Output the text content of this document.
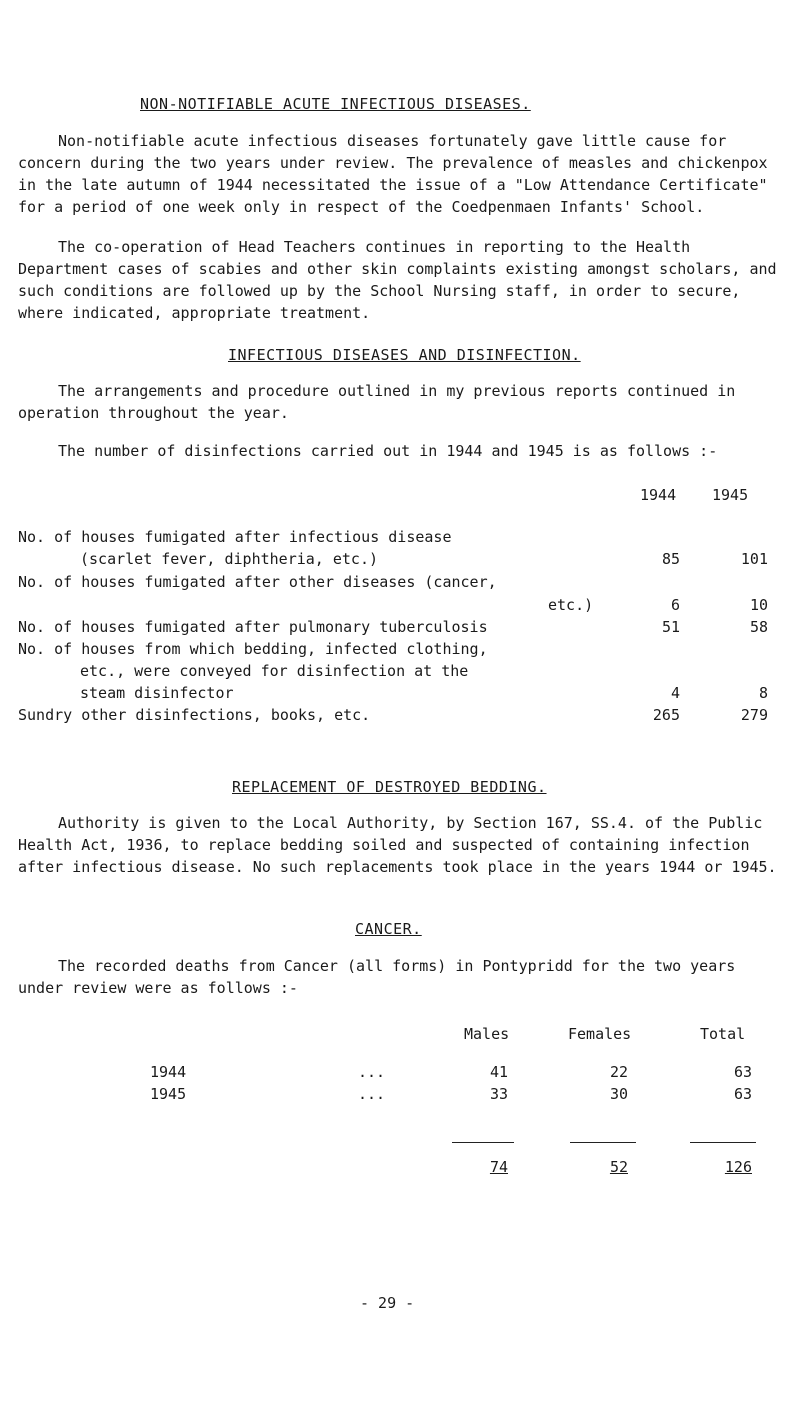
NON-NOTIFIABLE ACUTE INFECTIOUS DISEASES.
Non-notifiable acute infectious diseases fortunately gave little cause for concern during the two years under review. The prevalence of measles and chickenpox in the late autumn of 1944 necessitated the issue of a "Low Attendance Certificate" for a period of one week only in respect of the Coedpenmaen Infants' School.
The co-operation of Head Teachers continues in reporting to the Health Department cases of scabies and other skin complaints existing amongst scholars, and such conditions are followed up by the School Nursing staff, in order to secure, where indicated, appropriate treatment.
INFECTIOUS DISEASES AND DISINFECTION.
The arrangements and procedure outlined in my previous reports continued in operation throughout the year.
The number of disinfections carried out in 1944 and 1945 is as follows :-
1944 1945
No. of houses fumigated after infectious disease
(scarlet fever, diphtheria, etc.)	85	101
No. of houses fumigated after other diseases (cancer,
etc.)	6	10
No. of houses fumigated after pulmonary tuberculosis	51	58
No. of houses from which bedding, infected clothing,
etc., were conveyed for disinfection at the
steam disinfector	4	8
Sundry other disinfections, books, etc.	265	279
REPLACEMENT OF DESTROYED BEDDING.
Authority is given to the Local Authority, by Section 167, SS.4. of the Public Health Act, 1936, to replace bedding soiled and suspected of containing infection after infectious disease. No such replacements took place in the years 1944 or 1945.
CANCER.
The recorded deaths from Cancer (all forms) in Pontypridd for the two years under review were as follows :-
Males	Females	Total
1944	...	41	22	63
1945	...	33	30	63
74	52	126
- 29 -
